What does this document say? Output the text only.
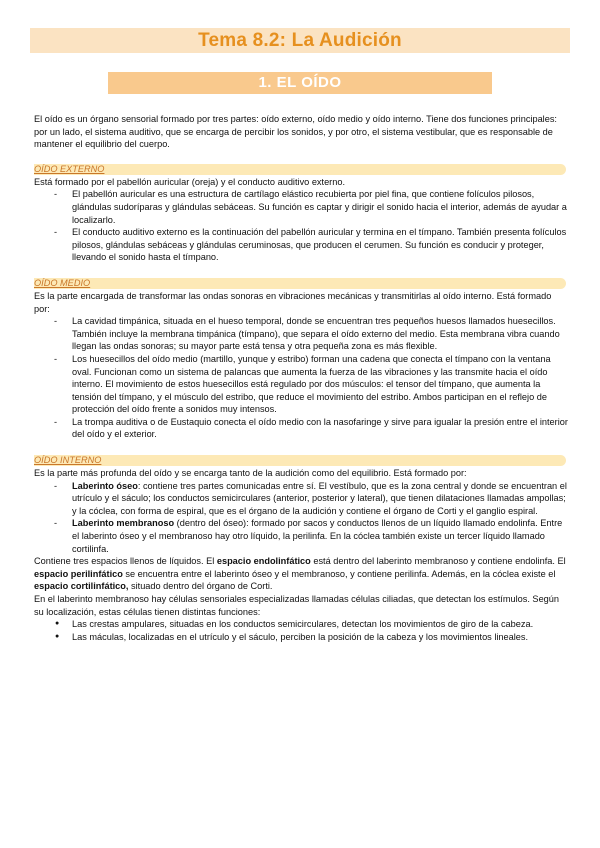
Tema 8.2: La Audición
1. EL OÍDO

El oído es un órgano sensorial formado por tres partes: oído externo, oído medio y oído interno. Tiene dos funciones principales: por un lado, el sistema auditivo, que se encarga de percibir los sonidos, y por otro, el sistema vestibular, que es responsable de mantener el equilibrio del cuerpo.

OÍDO EXTERNO

Está formado por el pabellón auricular (oreja) y el conducto auditivo externo.

- El pabellón auricular es una estructura de cartílago elástico recubierta por piel fina, que contiene folículos pilosos, glándulas sudoríparas y glándulas sebáceas. Su función es captar y dirigir el sonido hacia el interior, además de ayudar a localizarlo.
- El conducto auditivo externo es la continuación del pabellón auricular y termina en el tímpano. También presenta folículos pilosos, glándulas sebáceas y glándulas ceruminosas, que producen el cerumen. Su función es conducir y proteger, llevando el sonido hasta el tímpano.
OÍDO MEDIO

Es la parte encargada de transformar las ondas sonoras en vibraciones mecánicas y transmitirlas al oído interno. Está formado por:

- La cavidad timpánica, situada en el hueso temporal, donde se encuentran tres pequeños huesos llamados huesecillos. También incluye la membrana timpánica (tímpano), que separa el oído externo del medio. Esta membrana vibra cuando llegan las ondas sonoras; su mayor parte está tensa y otra pequeña zona es más flexible.
- Los huesecillos del oído medio (martillo, yunque y estribo) forman una cadena que conecta el tímpano con la ventana oval. Funcionan como un sistema de palancas que aumenta la fuerza de las vibraciones y las transmite hacia el oído interno. El movimiento de estos huesecillos está regulado por dos músculos: el tensor del tímpano, que aumenta la tensión del tímpano, y el músculo del estribo, que reduce el movimiento del estribo. Ambos participan en el reflejo de protección del oído frente a sonidos muy intensos.
- La trompa auditiva o de Eustaquio conecta el oído medio con la nasofaringe y sirve para igualar la presión entre el interior del oído y el exterior.
OÍDO INTERNO

Es la parte más profunda del oído y se encarga tanto de la audición como del equilibrio. Está formado por:

- Laberinto óseo: contiene tres partes comunicadas entre sí. El vestíbulo, que es la zona central y donde se encuentran el utrículo y el sáculo; los conductos semicirculares (anterior, posterior y lateral), que tienen dilataciones llamadas ampollas; y la cóclea, con forma de espiral, que es el órgano de la audición y contiene el órgano de Corti y el ganglio espiral.
- Laberinto membranoso (dentro del óseo): formado por sacos y conductos llenos de un líquido llamado endolinfa. Entre el laberinto óseo y el membranoso hay otro líquido, la perilinfa. En la cóclea también existe un tercer líquido llamado cortilinfa.

Contiene tres espacios llenos de líquidos. El espacio endolinfático está dentro del laberinto membranoso y contiene endolinfa. El espacio perilinfático se encuentra entre el laberinto óseo y el membranoso, y contiene perilinfa. Además, en la cóclea existe el espacio cortilinfático, situado dentro del órgano de Corti.

En el laberinto membranoso hay células sensoriales especializadas llamadas células ciliadas, que detectan los estímulos. Según su localización, estas células tienen distintas funciones:

● Las crestas ampulares, situadas en los conductos semicirculares, detectan los movimientos de giro de la cabeza.
● Las máculas, localizadas en el utrículo y el sáculo, perciben la posición de la cabeza y los movimientos lineales.
